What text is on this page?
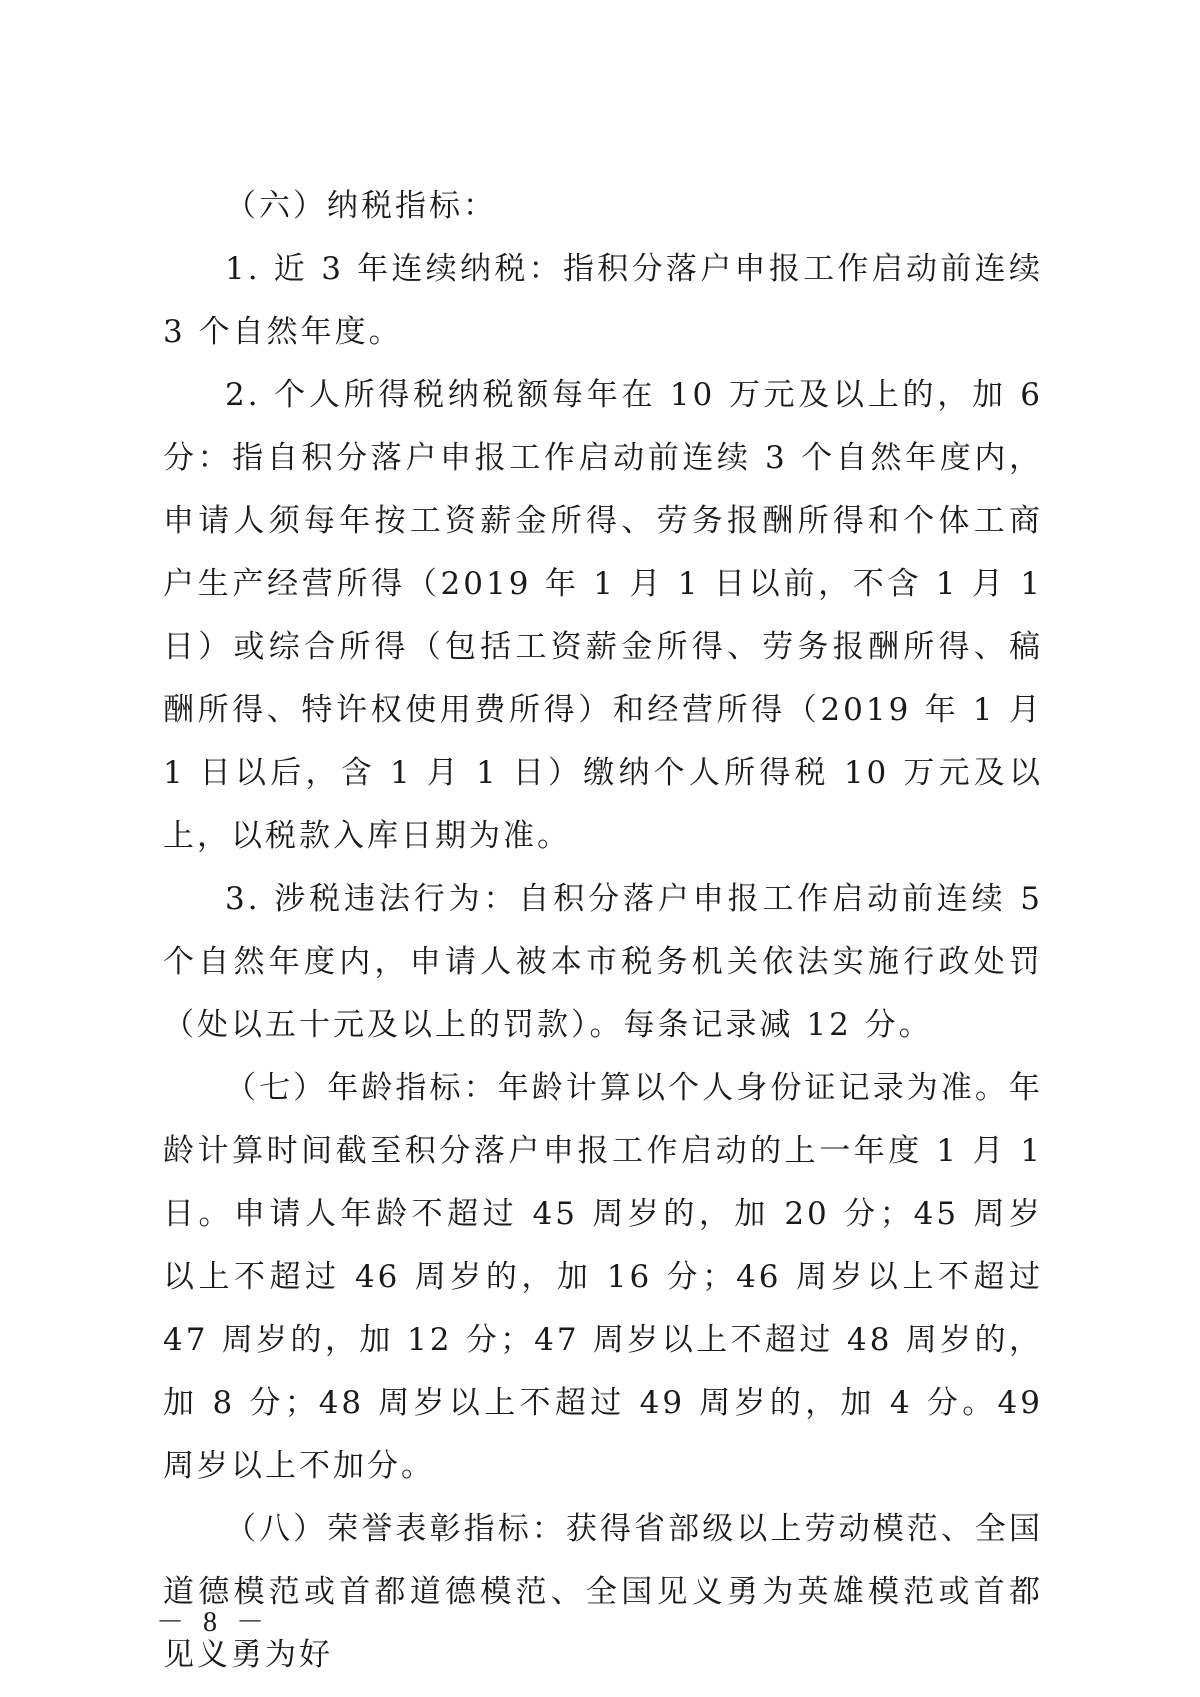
（六）纳税指标：

1. 近 3 年连续纳税：指积分落户申报工作启动前连续 3 个自然年度。

2. 个人所得税纳税额每年在 10 万元及以上的，加 6 分：指自积分落户申报工作启动前连续 3 个自然年度内，申请人须每年按工资薪金所得、劳务报酬所得和个体工商户生产经营所得（2019 年 1 月 1 日以前，不含 1 月 1 日）或综合所得（包括工资薪金所得、劳务报酬所得、稿酬所得、特许权使用费所得）和经营所得（2019 年 1 月 1 日以后，含 1 月 1 日）缴纳个人所得税 10 万元及以上，以税款入库日期为准。

3. 涉税违法行为：自积分落户申报工作启动前连续 5 个自然年度内，申请人被本市税务机关依法实施行政处罚（处以五十元及以上的罚款）。每条记录减 12 分。

（七）年龄指标：年龄计算以个人身份证记录为准。年龄计算时间截至积分落户申报工作启动的上一年度 1 月 1 日。申请人年龄不超过 45 周岁的，加 20 分；45 周岁以上不超过 46 周岁的，加 16 分；46 周岁以上不超过 47 周岁的，加 12 分；47 周岁以上不超过 48 周岁的，加 8 分；48 周岁以上不超过 49 周岁的，加 4 分。49 周岁以上不加分。

（八）荣誉表彰指标：获得省部级以上劳动模范、全国道德模范或首都道德模范、全国见义勇为英雄模范或首都见义勇为好

－ 8 －
